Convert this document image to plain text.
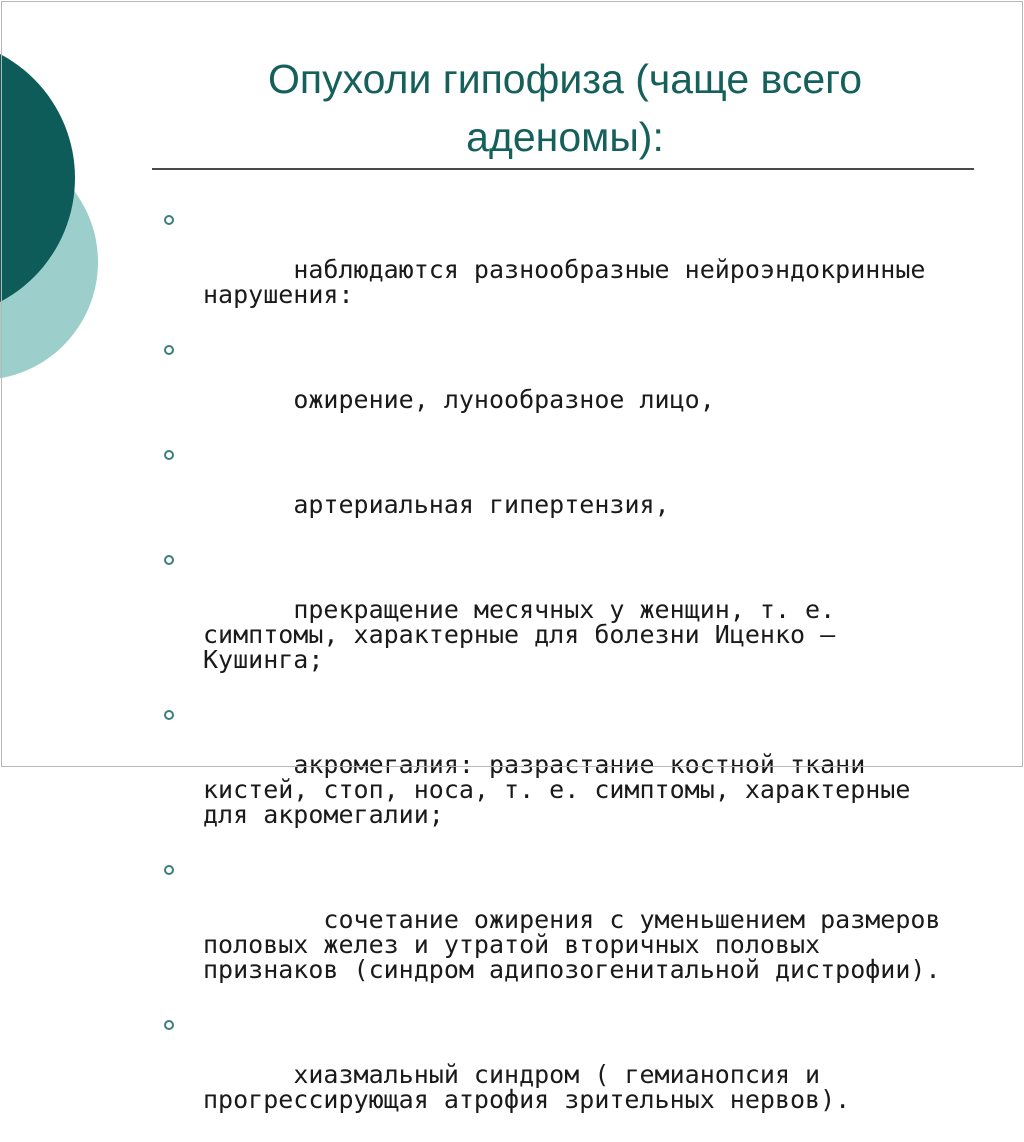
Опухоли гипофиза (чаще всего
аденомы):

наблюдаются разнообразные нейроэндокринные нарушения:

ожирение, лунообразное лицо,

артериальная гипертензия,

прекращение месячных у женщин, т. е. симптомы, характерные для болезни Иценко — Кушинга;

акромегалия: разрастание костной ткани кистей, стоп, носа, т. е. симптомы, характерные для акромегалии;

сочетание ожирения с уменьшением размеров половых желез и утратой вторичных половых признаков (синдром адипозогенитальной дистрофии).

хиазмальный синдром ( гемианопсия и прогрессирующая атрофия зрительных нервов).
